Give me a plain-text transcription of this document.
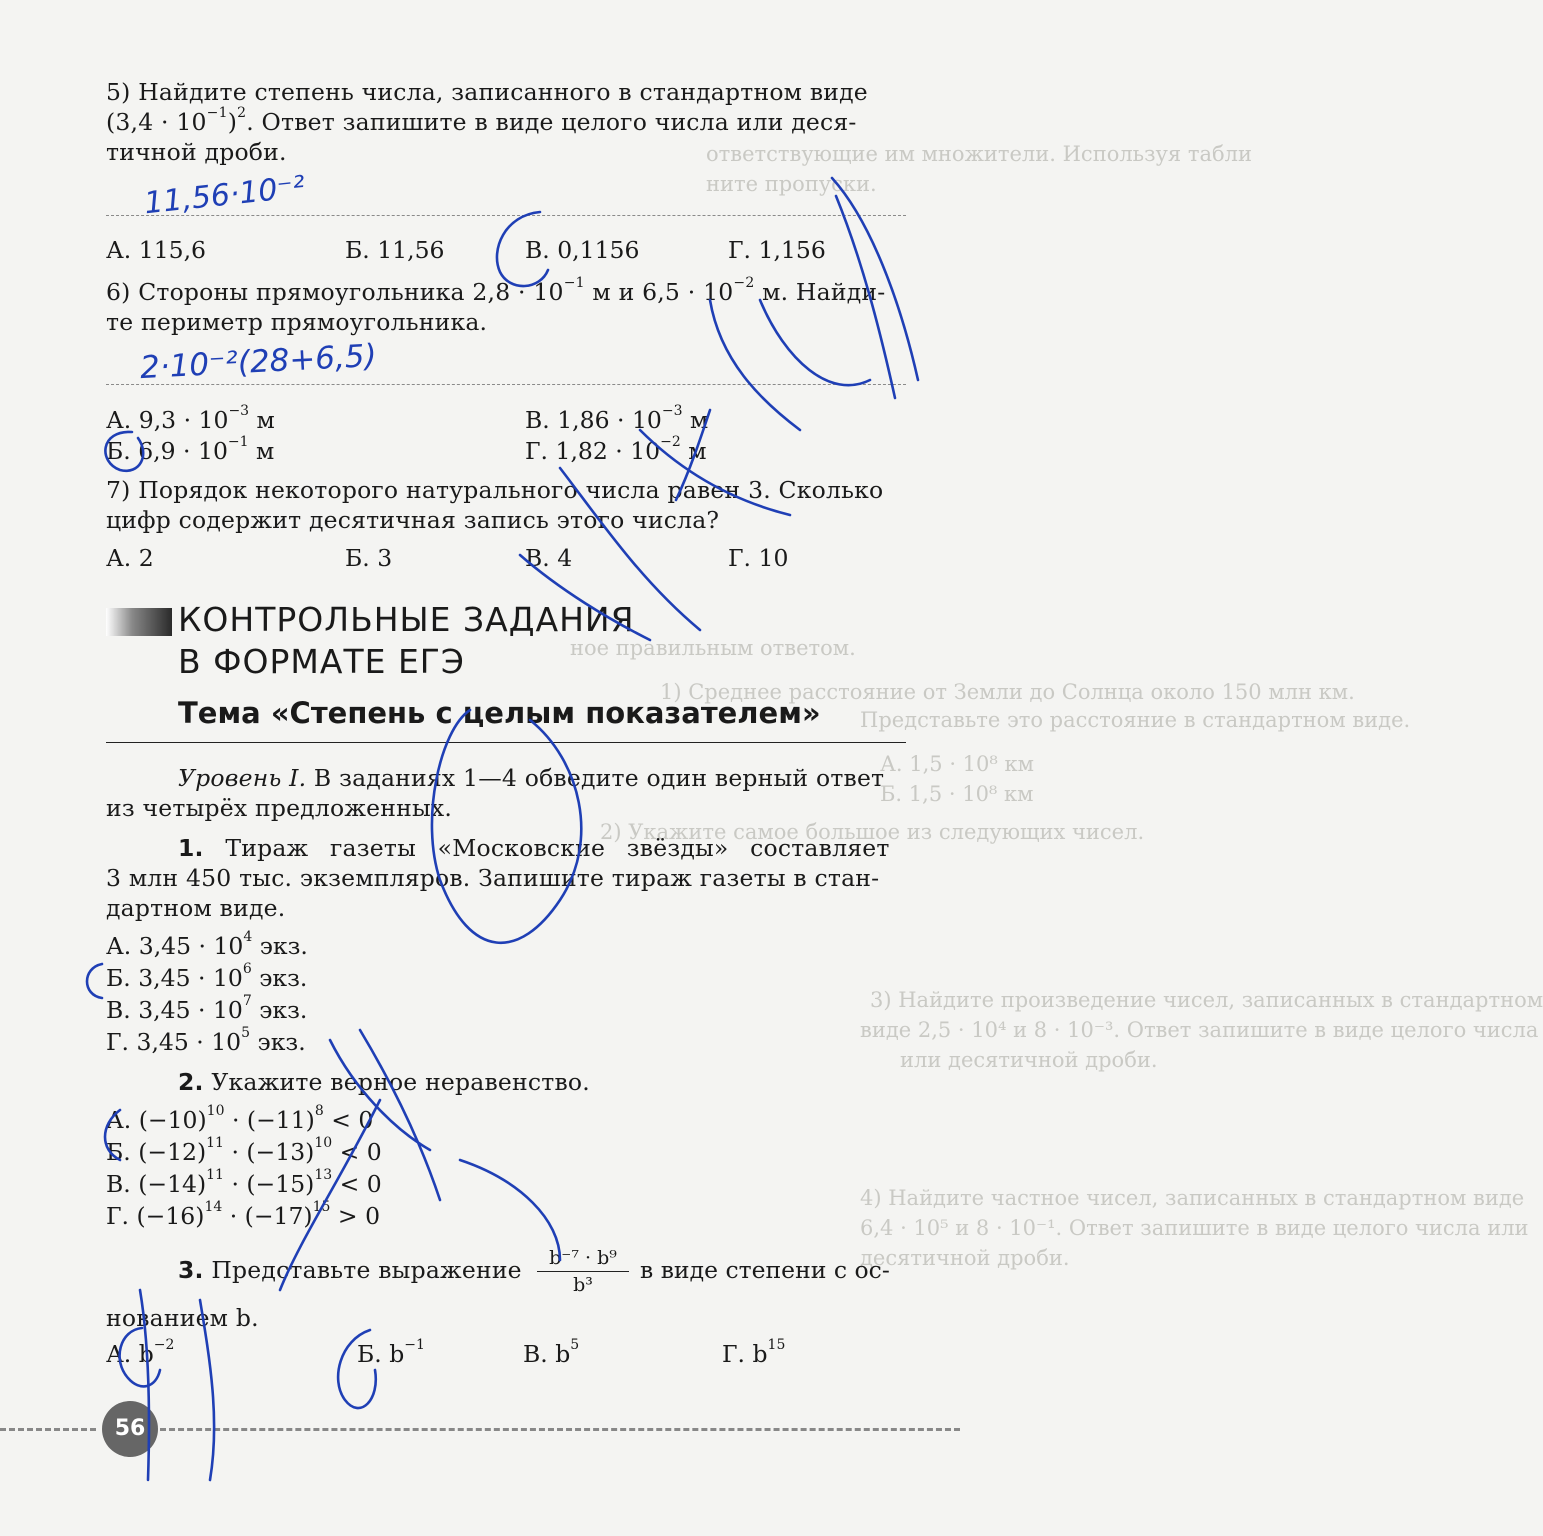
ответствующие им множители. Используя табли
ните пропуски.
ное правильным ответом.
1) Среднее расстояние от Земли до Солнца около 150 млн км.
Представьте это расстояние в стандартном виде.
А. 1,5 · 10⁸ км
Б. 1,5 · 10⁸ км
2) Укажите самое большое из следующих чисел.
3) Найдите произведение чисел, записанных в стандартном
виде 2,5 · 10⁴ и 8 · 10⁻³. Ответ запишите в виде целого числа
или десятичной дроби.
4) Найдите частное чисел, записанных в стандартном виде
6,4 · 10⁵ и 8 · 10⁻¹. Ответ запишите в виде целого числа или
десятичной дроби.
5) Найдите степень числа, записанного в стандартном виде
$(3,4 \cdot 10^{-1})^2$. Ответ запишите в виде целого числа или деся-
тичной дроби.
11,56·10⁻²
А. 115,6	Б. 11,56	В. 0,1156	Г. 1,156
6) Стороны прямоугольника $2,8 \cdot 10^{-1}$ м и $6,5 \cdot 10^{-2}$ м. Найди-
те периметр прямоугольника.
2·10⁻²(28+6,5)
А. $9,3 \cdot 10^{-3}$ м	В. $1,86 \cdot 10^{-3}$ м
Б. $6,9 \cdot 10^{-1}$ м	Г. $1,82 \cdot 10^{-2}$ м
7) Порядок некоторого натурального числа равен 3. Сколько
цифр содержит десятичная запись этого числа?
А. 2	Б. 3	В. 4	Г. 10
КОНТРОЛЬНЫЕ ЗАДАНИЯ
В ФОРМАТЕ ЕГЭ
Тема «Степень с целым показателем»
Уровень I. В заданиях 1—4 обведите один верный ответ
из четырёх предложенных.
1. Тираж газеты «Московские звёзды» составляет
3 млн 450 тыс. экземпляров. Запишите тираж газеты в стан-
дартном виде.
А. $3,45 \cdot 10^4$ экз.
Б. $3,45 \cdot 10^6$ экз.
В. $3,45 \cdot 10^7$ экз.
Г. $3,45 \cdot 10^5$ экз.
2. Укажите верное неравенство.
А. $(-10)^{10} \cdot (-11)^8 < 0$
Б. $(-12)^{11} \cdot (-13)^{10} < 0$
В. $(-14)^{11} \cdot (-15)^{13} < 0$
Г. $(-16)^{14} \cdot (-17)^{15} > 0$
3. Представьте выражение $\frac{\text{b⁻⁷ · b⁹}}{\text{b³}}$ в виде степени с ос-
нованием b.
А. $b^{-2}$	Б. $b^{-1}$	В. $b^5$	Г. $b^{15}$
56
